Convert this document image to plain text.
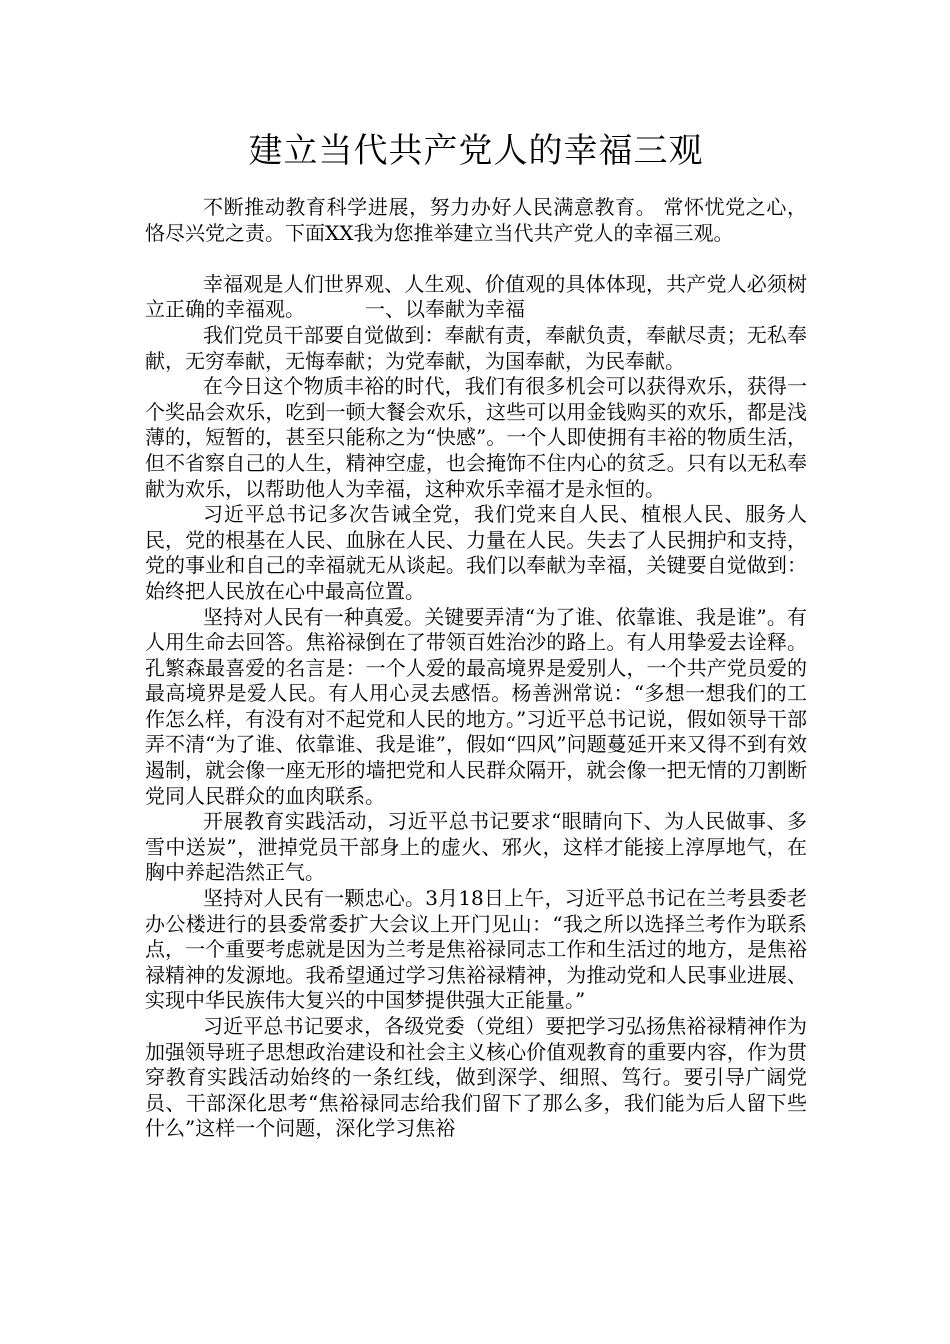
建立当代共产党人的幸福三观

不断推动教育科学进展，努力办好人民满意教育。 常怀忧党之心，恪尽兴党之责。下面XX我为您推举建立当代共产党人的幸福三观。

幸福观是人们世界观、人生观、价值观的具体体现，共产党人必须树立正确的幸福观。	一、以奉献为幸福

我们党员干部要自觉做到：奉献有责，奉献负责，奉献尽责；无私奉献，无穷奉献，无悔奉献；为党奉献，为国奉献，为民奉献。

在今日这个物质丰裕的时代，我们有很多机会可以获得欢乐，获得一个奖品会欢乐，吃到一顿大餐会欢乐，这些可以用金钱购买的欢乐，都是浅薄的，短暂的，甚至只能称之为“快感”。一个人即使拥有丰裕的物质生活，但不省察自己的人生，精神空虚，也会掩饰不住内心的贫乏。只有以无私奉献为欢乐，以帮助他人为幸福，这种欢乐幸福才是永恒的。

习近平总书记多次告诫全党，我们党来自人民、植根人民、服务人民，党的根基在人民、血脉在人民、力量在人民。失去了人民拥护和支持，党的事业和自己的幸福就无从谈起。我们以奉献为幸福，关键要自觉做到：始终把人民放在心中最高位置。

坚持对人民有一种真爱。关键要弄清“为了谁、依靠谁、我是谁”。有人用生命去回答。焦裕禄倒在了带领百姓治沙的路上。有人用挚爱去诠释。孔繁森最喜爱的名言是：一个人爱的最高境界是爱别人，一个共产党员爱的最高境界是爱人民。有人用心灵去感悟。杨善洲常说：“多想一想我们的工作怎么样，有没有对不起党和人民的地方。”习近平总书记说，假如领导干部弄不清“为了谁、依靠谁、我是谁”，假如“四风”问题蔓延开来又得不到有效遏制，就会像一座无形的墙把党和人民群众隔开，就会像一把无情的刀割断党同人民群众的血肉联系。

开展教育实践活动，习近平总书记要求“眼睛向下、为人民做事、多雪中送炭”，泄掉党员干部身上的虚火、邪火，这样才能接上淳厚地气，在胸中养起浩然正气。

坚持对人民有一颗忠心。3月18日上午，习近平总书记在兰考县委老办公楼进行的县委常委扩大会议上开门见山：“我之所以选择兰考作为联系点，一个重要考虑就是因为兰考是焦裕禄同志工作和生活过的地方，是焦裕禄精神的发源地。我希望通过学习焦裕禄精神，为推动党和人民事业进展、实现中华民族伟大复兴的中国梦提供强大正能量。”

习近平总书记要求，各级党委（党组）要把学习弘扬焦裕禄精神作为加强领导班子思想政治建设和社会主义核心价值观教育的重要内容，作为贯穿教育实践活动始终的一条红线，做到深学、细照、笃行。要引导广阔党员、干部深化思考“焦裕禄同志给我们留下了那么多，我们能为后人留下些什么”这样一个问题，深化学习焦裕
